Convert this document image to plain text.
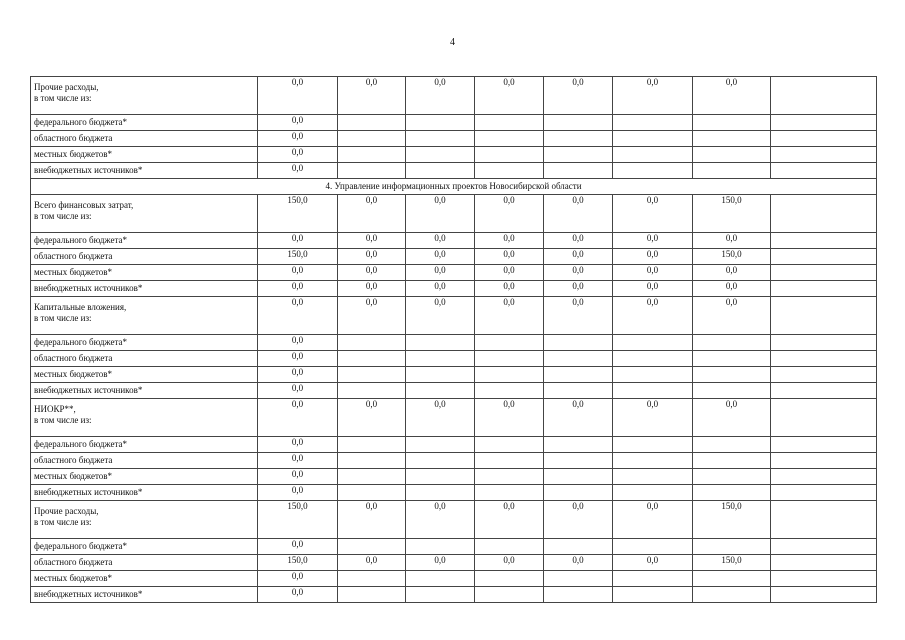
4
Прочие расходы,
в том числе из:	0,0	0,0	0,0	0,0	0,0	0,0	0,0	
федерального бюджета*	0,0							
областного бюджета	0,0							
местных бюджетов*	0,0							
внебюджетных источников*	0,0							
4. Управление информационных проектов Новосибирской области								

Всего финансовых затрат,
в том числе из:	150,0	0,0	0,0	0,0	0,0	0,0	150,0	
федерального бюджета*	0,0	0,0	0,0	0,0	0,0	0,0	0,0	
областного бюджета	150,0	0,0	0,0	0,0	0,0	0,0	150,0	
местных бюджетов*	0,0	0,0	0,0	0,0	0,0	0,0	0,0	
внебюджетных источников*	0,0	0,0	0,0	0,0	0,0	0,0	0,0	

Капитальные вложения,
в том числе из:	0,0	0,0	0,0	0,0	0,0	0,0	0,0	
федерального бюджета*	0,0							
областного бюджета	0,0							
местных бюджетов*	0,0							
внебюджетных источников*	0,0							

НИОКР**,
в том числе из:	0,0	0,0	0,0	0,0	0,0	0,0	0,0	
федерального бюджета*	0,0							
областного бюджета	0,0							
местных бюджетов*	0,0							
внебюджетных источников*	0,0							

Прочие расходы,
в том числе из:	150,0	0,0	0,0	0,0	0,0	0,0	150,0	
федерального бюджета*	0,0							
областного бюджета	150,0	0,0	0,0	0,0	0,0	0,0	150,0	
местных бюджетов*	0,0							
внебюджетных источников*	0,0							
